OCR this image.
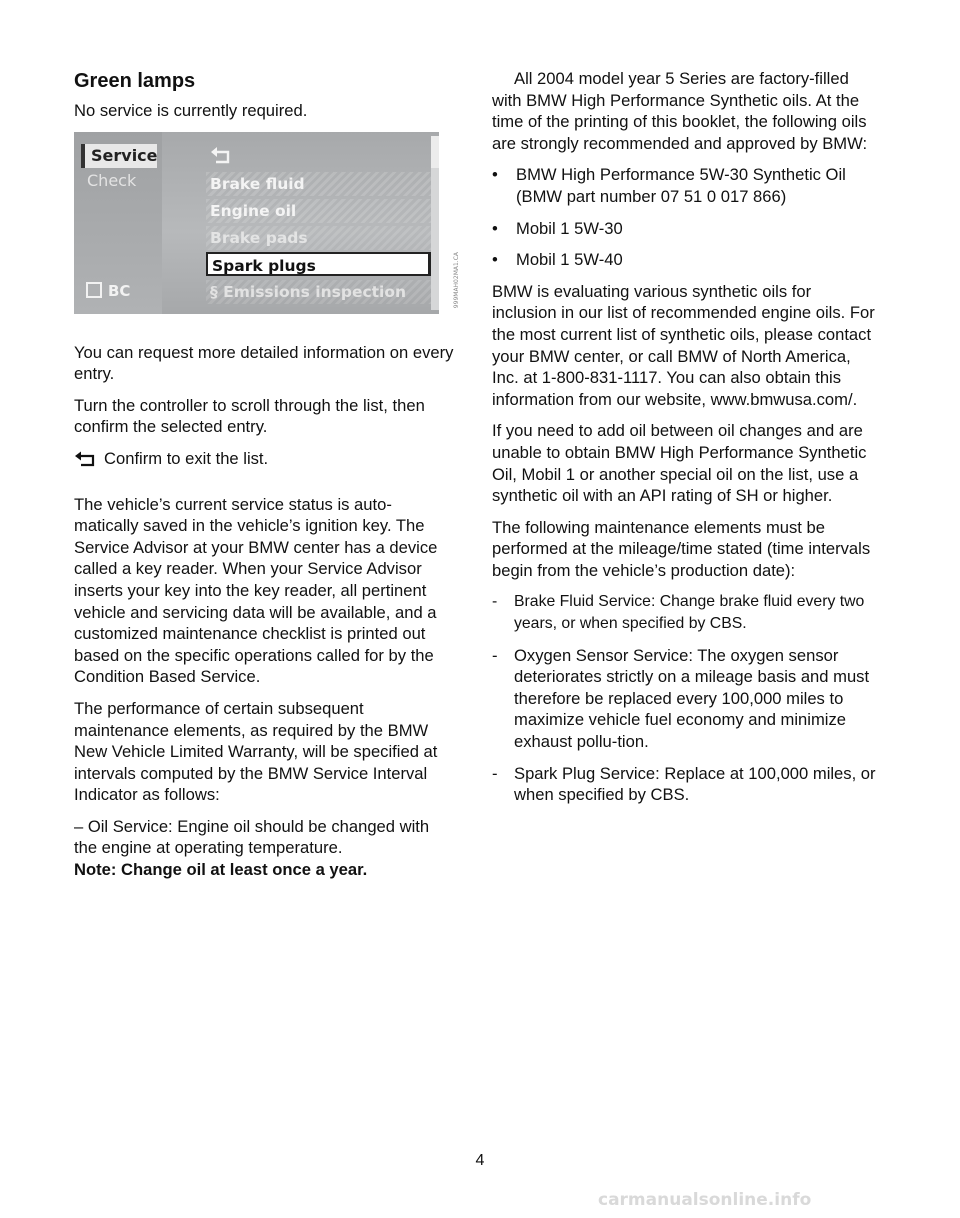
Green lamps

No service is currently required.

Service
Check
BC
Brake fluid
Engine oil
Brake pads
Spark plugs
§ Emissions inspection	999MAH02MA1.CA

You can request more detailed information on every entry.

Turn the controller to scroll through the list, then confirm the selected entry.

Confirm to exit the list.

The vehicle’s current service status is auto-matically saved in the vehicle’s ignition key. The Service Advisor at your BMW center has a device called a key reader. When your Service Advisor inserts your key into the key reader, all pertinent vehicle and servicing data will be available, and a customized maintenance checklist is printed out based on the specific operations called for by the Condition Based Service.

The performance of certain subsequent maintenance elements, as required by the BMW New Vehicle Limited Warranty, will be specified at intervals computed by the BMW Service Interval Indicator as follows:

– Oil Service: Engine oil should be changed with the engine at operating temperature.

Note: Change oil at least once a year.

All 2004 model year 5 Series are factory-filled with BMW High Performance Synthetic oils. At the time of the printing of this booklet, the following oils are strongly recommended and approved by BMW:

•	BMW High Performance 5W-30 Synthetic Oil (BMW part number 07 51 0 017 866)
•	Mobil 1 5W-30
•	Mobil 1 5W-40

BMW is evaluating various synthetic oils for inclusion in our list of recommended engine oils. For the most current list of synthetic oils, please contact your BMW center, or call BMW of North America, Inc. at 1-800-831-1117. You can also obtain this information from our website, www.bmwusa.com/.

If you need to add oil between oil changes and are unable to obtain BMW High Performance Synthetic Oil, Mobil 1 or another special oil on the list, use a synthetic oil with an API rating of SH or higher.

The following maintenance elements must be performed at the mileage/time stated (time intervals begin from the vehicle’s production date):

-	Brake Fluid Service: Change brake fluid every two years, or when specified by CBS.
- Oxygen Sensor Service: The oxygen sensor deteriorates strictly on a mileage basis and must therefore be replaced every 100,000 miles to maximize vehicle fuel economy and minimize exhaust pollu-tion.
- Spark Plug Service: Replace at 100,000 miles, or when specified by CBS.
4
carmanualsonline.info
